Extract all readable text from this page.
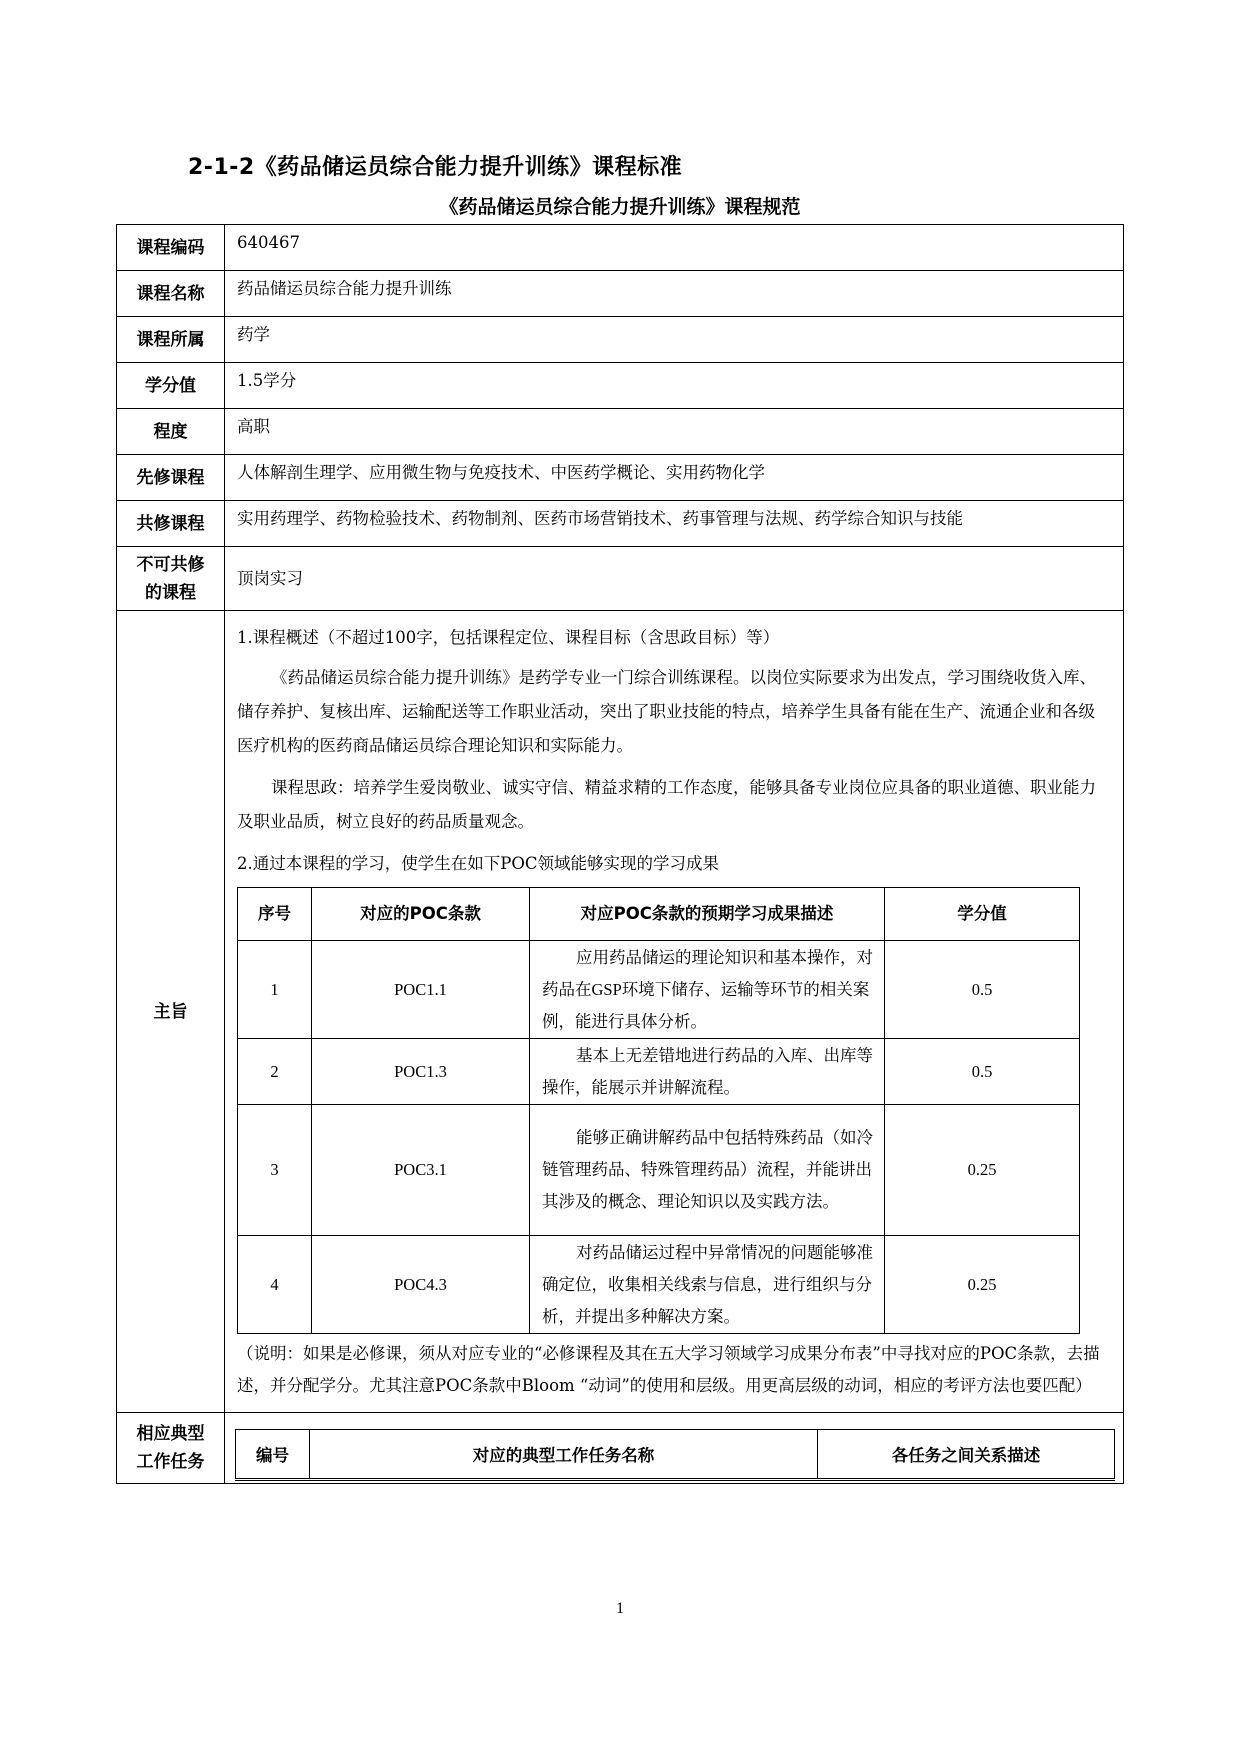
2-1-2《药品储运员综合能力提升训练》课程标准
《药品储运员综合能力提升训练》课程规范
课程编码	640467
课程名称	药品储运员综合能力提升训练
课程所属	药学
学分值	1.5学分
程度	高职
先修课程	人体解剖生理学、应用微生物与免疫技术、中医药学概论、实用药物化学
共修课程	实用药理学、药物检验技术、药物制剂、医药市场营销技术、药事管理与法规、药学综合知识与技能
不可共修的课程	顶岗实习
主旨	
1.课程概述（不超过100字，包括课程定位、课程目标（含思政目标）等）

《药品储运员综合能力提升训练》是药学专业一门综合训练课程。以岗位实际要求为出发点，学习围绕收货入库、储存养护、复核出库、运输配送等工作职业活动，突出了职业技能的特点，培养学生具备有能在生产、流通企业和各级医疗机构的医药商品储运员综合理论知识和实际能力。

课程思政：培养学生爱岗敬业、诚实守信、精益求精的工作态度，能够具备专业岗位应具备的职业道德、职业能力及职业品质，树立良好的药品质量观念。

2.通过本课程的学习，使学生在如下POC领域能够实现的学习成果
序号	对应的POC条款	对应POC条款的预期学习成果描述	学分值
1	POC1.1	应用药品储运的理论知识和基本操作，对药品在GSP环境下储存、运输等环节的相关案例，能进行具体分析。	0.5
2	POC1.3	基本上无差错地进行药品的入库、出库等操作，能展示并讲解流程。	0.5
3	POC3.1	能够正确讲解药品中包括特殊药品（如冷链管理药品、特殊管理药品）流程，并能讲出其涉及的概念、理论知识以及实践方法。	0.25
4	POC4.3	对药品储运过程中异常情况的问题能够准确定位，收集相关线索与信息，进行组织与分析，并提出多种解决方案。	0.25
（说明：如果是必修课，须从对应专业的“必修课程及其在五大学习领域学习成果分布表”中寻找对应的POC条款，去描述，并分配学分。尤其注意POC条款中Bloom “动词”的使用和层级。用更高层级的动词，相应的考评方法也要匹配）

相应典型工作任务		编号	对应的典型工作任务名称	各任务之间关系描述
1
